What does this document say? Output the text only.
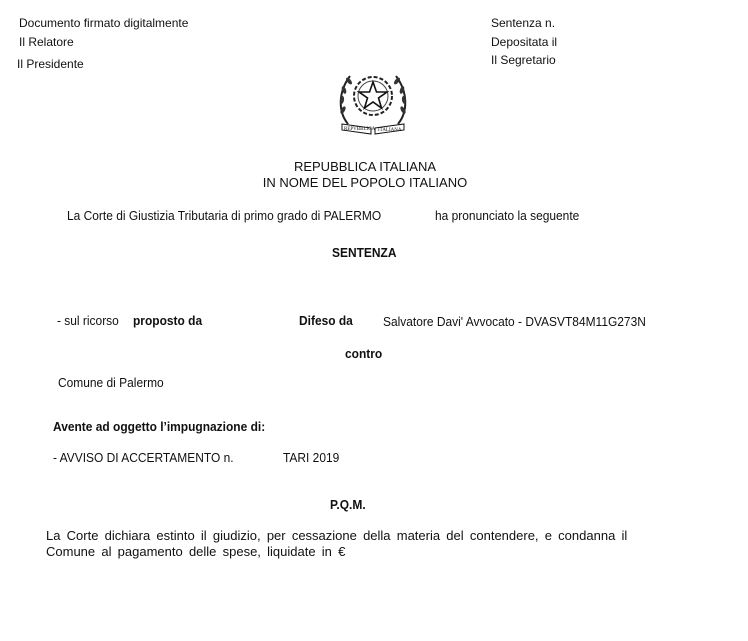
Documento firmato digitalmente
Il Relatore
Il Presidente
Sentenza n.
Depositata il
Il Segretario
REPVBBLICA ITALIANA
REPUBBLICA ITALIANA
IN NOME DEL POPOLO ITALIANO
La Corte di Giustizia Tributaria di primo grado di PALERMO	ha pronunciato la seguente
SENTENZA
- sul ricorso proposto da	Difeso da Salvatore Davi' Avvocato - DVASVT84M11G273N
contro
Comune di Palermo
Avente ad oggetto l’impugnazione di:
- AVVISO DI ACCERTAMENTO n.	TARI 2019
P.Q.M.
La Corte dichiara estinto il giudizio, per cessazione della materia del contendere, e condanna il
Comune al pagamento delle spese, liquidate in €
